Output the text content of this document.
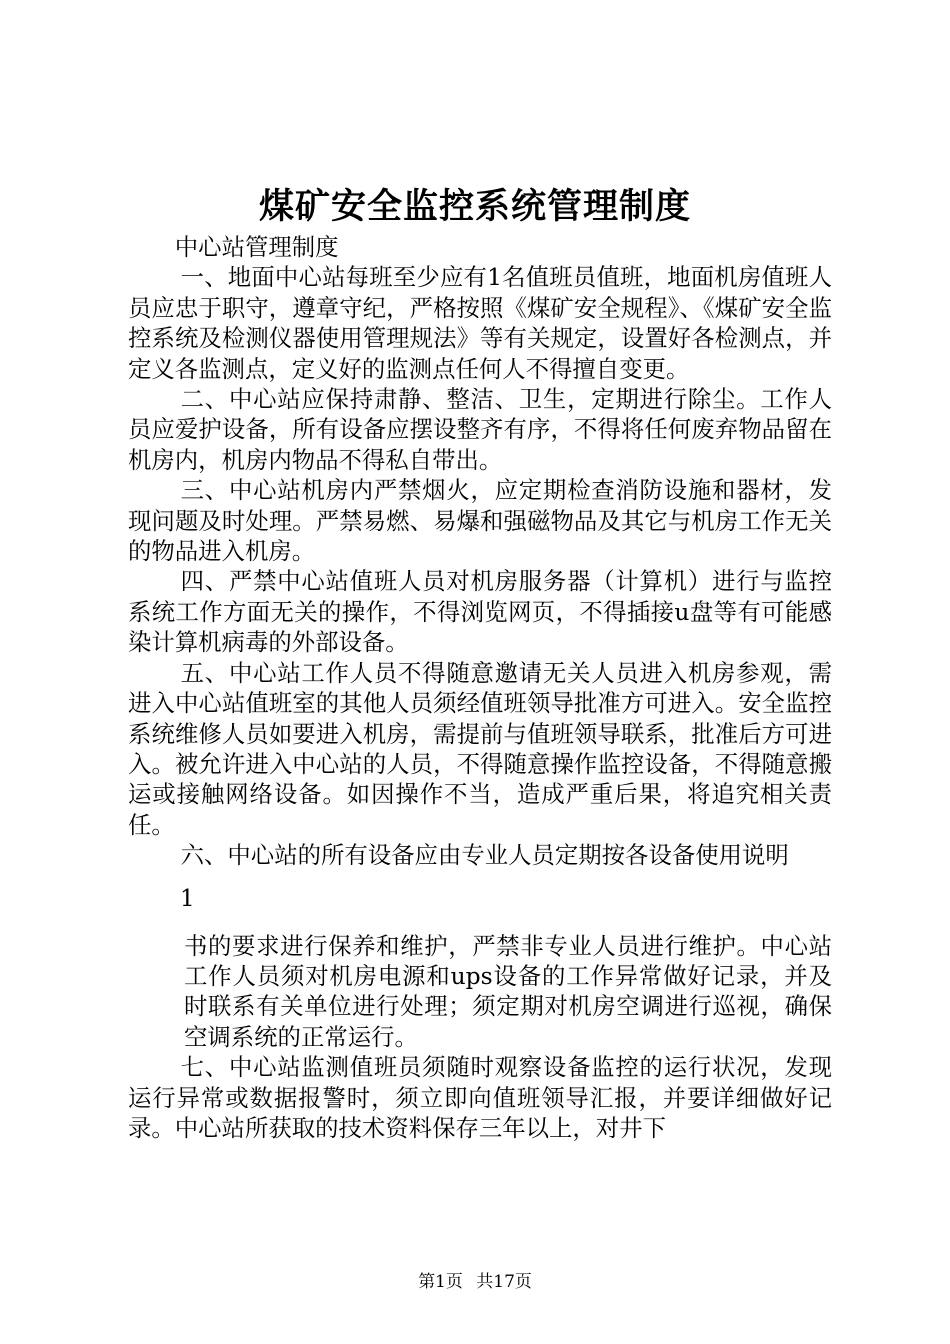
煤矿安全监控系统管理制度

中心站管理制度

一、地面中心站每班至少应有1名值班员值班，地面机房值班人员应忠于职守，遵章守纪，严格按照《煤矿安全规程》、《煤矿安全监控系统及检测仪器使用管理规法》等有关规定，设置好各检测点，并定义各监测点，定义好的监测点任何人不得擅自变更。

二、中心站应保持肃静、整洁、卫生，定期进行除尘。工作人员应爱护设备，所有设备应摆设整齐有序，不得将任何废弃物品留在机房内，机房内物品不得私自带出。

三、中心站机房内严禁烟火，应定期检查消防设施和器材，发现问题及时处理。严禁易燃、易爆和强磁物品及其它与机房工作无关的物品进入机房。

四、严禁中心站值班人员对机房服务器（计算机）进行与监控系统工作方面无关的操作，不得浏览网页，不得插接u盘等有可能感染计算机病毒的外部设备。

五、中心站工作人员不得随意邀请无关人员进入机房参观，需进入中心站值班室的其他人员须经值班领导批准方可进入。安全监控系统维修人员如要进入机房，需提前与值班领导联系，批准后方可进入。被允许进入中心站的人员，不得随意操作监控设备，不得随意搬运或接触网络设备。如因操作不当，造成严重后果，将追究相关责任。

六、中心站的所有设备应由专业人员定期按各设备使用说明

1

书的要求进行保养和维护，严禁非专业人员进行维护。中心站工作人员须对机房电源和ups设备的工作异常做好记录，并及时联系有关单位进行处理；须定期对机房空调进行巡视，确保空调系统的正常运行。

七、中心站监测值班员须随时观察设备监控的运行状况，发现运行异常或数据报警时，须立即向值班领导汇报，并要详细做好记录。中心站所获取的技术资料保存三年以上，对井下

第1页 共17页
